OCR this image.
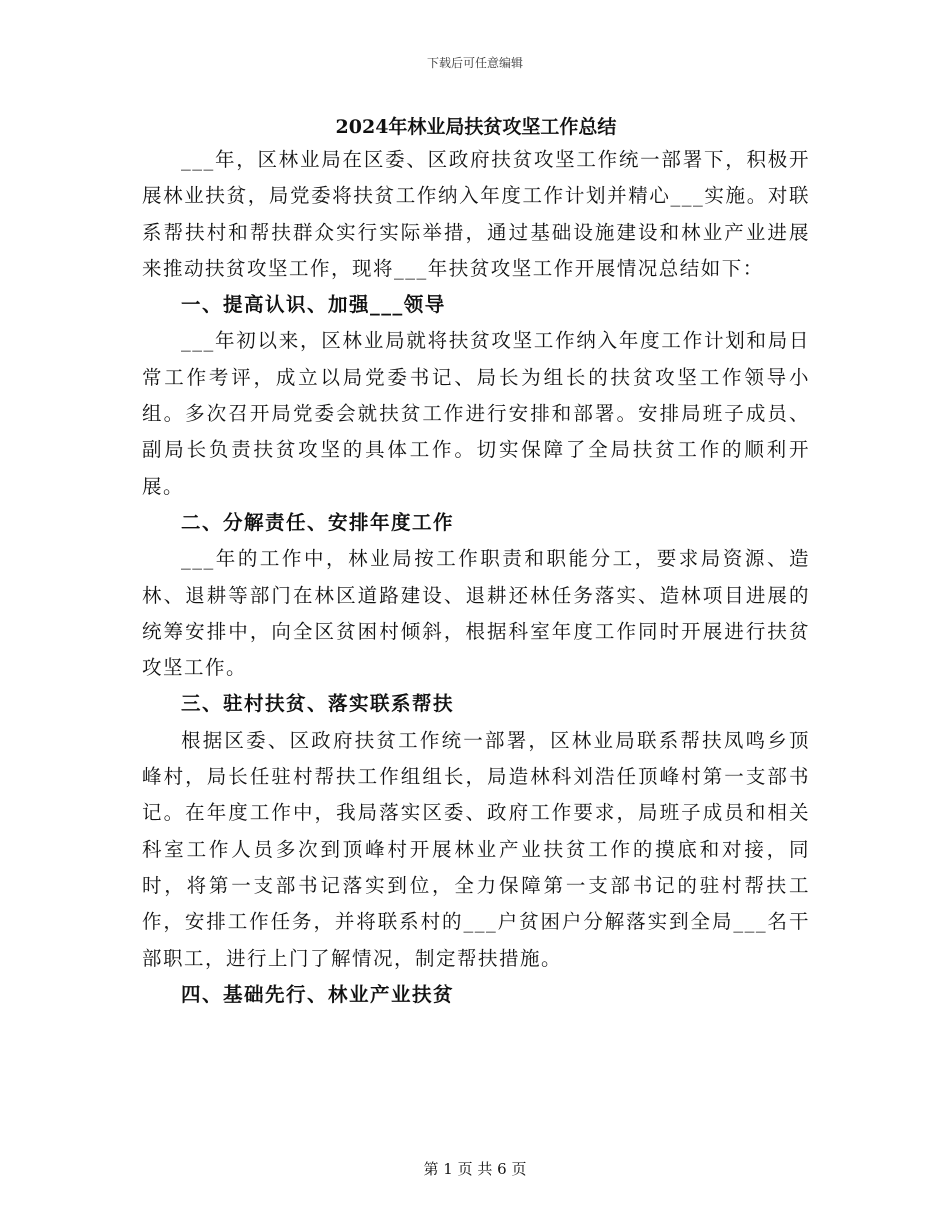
下载后可任意编辑
2024年林业局扶贫攻坚工作总结

___年，区林业局在区委、区政府扶贫攻坚工作统一部署下，积极开展林业扶贫，局党委将扶贫工作纳入年度工作计划并精心___实施。对联系帮扶村和帮扶群众实行实际举措，通过基础设施建设和林业产业进展来推动扶贫攻坚工作，现将___年扶贫攻坚工作开展情况总结如下：

一、提高认识、加强___领导

___年初以来，区林业局就将扶贫攻坚工作纳入年度工作计划和局日常工作考评，成立以局党委书记、局长为组长的扶贫攻坚工作领导小组。多次召开局党委会就扶贫工作进行安排和部署。安排局班子成员、副局长负责扶贫攻坚的具体工作。切实保障了全局扶贫工作的顺利开展。

二、分解责任、安排年度工作

___年的工作中，林业局按工作职责和职能分工，要求局资源、造林、退耕等部门在林区道路建设、退耕还林任务落实、造林项目进展的统筹安排中，向全区贫困村倾斜，根据科室年度工作同时开展进行扶贫攻坚工作。

三、驻村扶贫、落实联系帮扶

根据区委、区政府扶贫工作统一部署，区林业局联系帮扶凤鸣乡顶峰村，局长任驻村帮扶工作组组长，局造林科刘浩任顶峰村第一支部书记。在年度工作中，我局落实区委、政府工作要求，局班子成员和相关科室工作人员多次到顶峰村开展林业产业扶贫工作的摸底和对接，同时，将第一支部书记落实到位，全力保障第一支部书记的驻村帮扶工作，安排工作任务，并将联系村的___户贫困户分解落实到全局___名干部职工，进行上门了解情况，制定帮扶措施。

四、基础先行、林业产业扶贫

第 1 页 共 6 页
